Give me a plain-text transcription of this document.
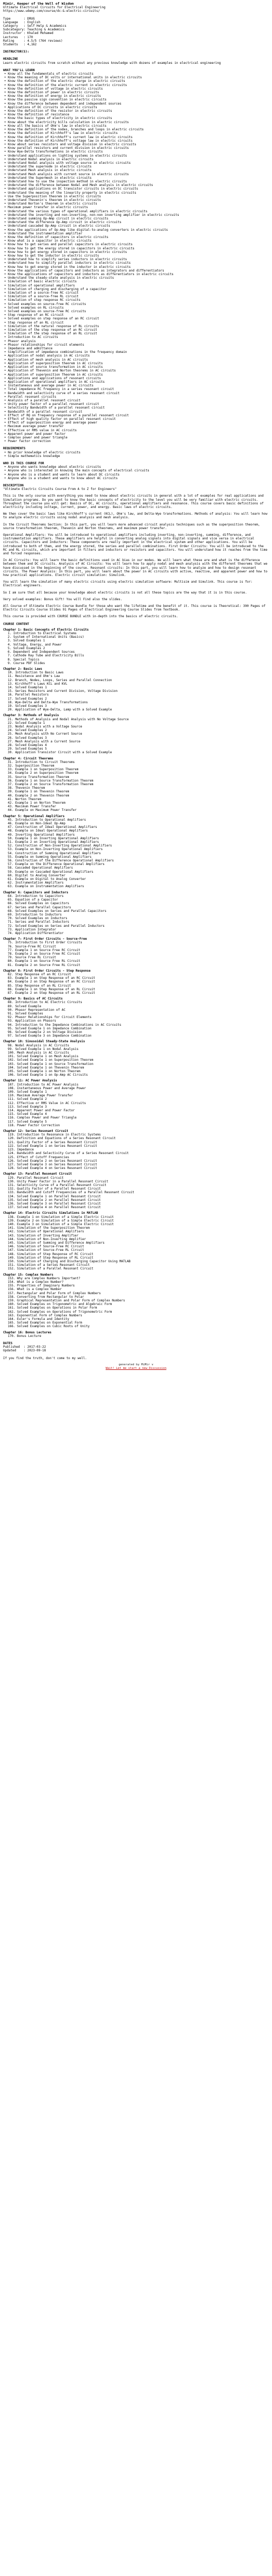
Mimir, Keeper of the Well of Wisdom
Ultimate Electrical Circuits for Electrical Engineering
https://www.udemy.com/course/dc-&-electric-circuits/
Type       : DRUG
Language   : English
Category   : Self Help & Academics
Subcategory: Teaching & Academics
Instructor : Khaled Mohamed
Lectures   : 170
Rating     : 4.5/5 (764 reviews)
Students   : 4,162
INSTRUCTOR(S):
HEADLINE
Learn electric circuits from scratch without any previous knowledge with dozens of examples in electrical engineering
WHAT YOU'LL LEARN
• Know all the fundamentals of electric circuits
• Know the meaning of DC volts or international units in electric circuits
• Know the definition of the electric charge in electric circuits
• Know the definition of the electric current in electric circuits
• Know the definition of voltage in electric circuits
• Know the definition of power in electric circuits
• Know the definition of energy in electric circuits
• Know the passive sign convention in electric circuits
• Know the difference between dependent and independent sources
• Applications of DC circuits in electric circuits
• Know the definition of the resistor in electric circuits
• Know the definition of resistance
• Know the basic types of electricity in electric circuits
• Know about the electricity bills calculation in electric circuits
• Know all the basics of Ohm's law in electric circuits
• Know the definition of the nodes, branches and loops in electric circuits
• Know the definition of Kirchhoff's law in electric circuits
• Know the definition of Kirchhoff's current law in electric circuits
• Know the definition of Kirchhoff's voltage law in electric circuits
• Know about series resistors and voltage division in electric circuits
• Know parallel resistors and current division in electric circuits
• Know Wye-Delta transformations in electric circuits
• Understand applications on lighting systems in electric circuits
• Understand Nodal analysis in electric circuits
• Understand Nodal analysis with voltage source in electric circuits
• Understand the supernode in electric circuits
• Understand Mesh analysis in electric circuits
• Understand Mesh analysis with current source in electric circuits
• Understand the Supermesh in electric circuits
• Understand how to use the inspection method in electric circuits
• Understand the difference between Nodal and Mesh analysis in electric circuits
• Understand applications on DC transistor circuits in electric circuits
• Understand the meaning of the linearity property in electric circuits
• Use the Superposition theorem in electric circuits
• Understand Thevenin's theorem in electric circuits
• Understand Norton's theorem in electric circuits
• Maximum power transfer in electric circuits
• Understand the various types of operational amplifiers in electric circuits
• Understand the inverting and non-inverting, non-non inverting amplifier in electric circuits
• Understand summing Op-Amp circuit in electric circuits
• Understand the difference Op-Amp circuit in electric circuits
• Understand cascaded Op-Amp circuit in electric circuits
• Know the applications of Op-Amp like digital-to-analog converters in electric circuits
• Understand the instrumentation amplifier
• Know the definition of capacitors in electric circuits
• Know what is a capacitor in electric circuits
• Know how to get series and parallel capacitors in electric circuits
• Know how to get the energy stored in capacitors in electric circuits
• Know how to get energy stored in capacitors in electric circuits
• Know how to get the inductor in electric circuits
• Understand how to simplify series inductors in electric circuits
• Understand how to simplify parallel inductors in electric circuits
• Know how to get energy stored in the inductor in electric circuits
• Know the applications of capacitors and inductors as integrators and differentiators
• Know the applications of capacitors and inductors as differentiators in electric circuits
• Understand the steady-state analysis in electric circuits
• Simulation of basic electric circuits
• Simulation of operational amplifiers
• Simulation of charging and discharging of a capacitor
• Simulation of a source-free RC circuit
• Simulation of a source-free RL circuit
• Simulation of step response RC circuits
• Solved examples on source-free RC circuits
• Solved examples on RL circuits
• Solved examples on source-free RC circuits
• Step response of an RC circuit
• Solved examples on step response of an RC circuit
• Step response of an RL circuit
• Simulation of the natural response of RL circuits
• Simulation of the step response of an RC circuit
• Simulation of the step response of an RL circuit
• Introduction to AC circuits
• Phasor analysis
• Phasor relationships for circuit elements
• Impedance and admittance
• Simplification of impedance combinations in the frequency domain
• Application of nodal analysis in AC circuits
• Application of mesh analysis in AC circuits
• Application of superposition theorem in AC circuits
• Application of source transformation in AC circuits
• Application of Thevenin and Norton theorems in AC circuits
• Application of superposition Theorem in AC circuits
• Applications and applications of resonant circuits
• Application of operational amplifiers in AC circuits
• Instantaneous and average power in AC circuits
• Total impedance RC frequency in a series resonant circuit
• Bandwidth and selectivity curve of a series resonant circuit
• Parallel resonant circuits
• Analysis of a parallel resonant circuit
• Unity power factor of a parallel resonant circuit
• Selectivity Bandwidth of a parallel resonant circuit
• Bandwidth of a parallel resonant circuit
• Effect of RQ on frequency response of a parallel resonant circuit
• Effect of high quality factor on parallel resonant circuit
• Effect of superposition energy and average power
• Maximum average power transfer
• Effective or RMS value in AC circuits
• Apparent power and power factor
• Complex power and power triangle
• Power factor correction
REQUIREMENTS
• No prior knowledge of electric circuits
• Simple mathematics knowledge
WHO IS THIS COURSE FOR
• Anyone who wants knowledge about electric circuits
• Anyone who is interested in knowing the main concepts of electrical circuits
• Anyone who is a student and wants to learn about DC circuits
• Anyone who is a student and wants to know about AC circuits
DESCRIPTION
"Ultimate Electric Circuits Course From A to Z for Engineers"
This is the only course with everything you need to know about electric circuits in general with a lot of examples for real applications and Simulation programs. Do you want to know the basic concepts of electricity to the level you will be very familiar with electric circuits. Throughout the course you will get: Basics of DC, AC circuits, operational amplifiers and resonance. This course covers basic definitions of electricity including voltage, current, power, and energy. Basic laws of electric circuits.
We then cover the basic laws like Kirchhoff's current (KCL), Ohm's law, and Delta-Wye transformations. Methods of analysis: You will learn how to analyze electric circuits using nodal analysis and mesh analysis.
In the Circuit Theorems Section: In this part, you will learn more advanced circuit analysis techniques such as the superposition theorem, source transformation theorem, Thevenin and Norton theorems, and maximum power transfer.
Operational Amplifiers: You will be introduced to operational amplifiers including inverting, non-inverting, summing, difference, and instrumentation amplifiers. These amplifiers are helpful in converting analog signals into digital signals and vice versa in electrical circuits. Capacitors and Inductors: These components are really important in the electrical system and other applications. You will be introduced to both of them, and the energy stored, the series and parallel combinations. First Order Circuits: You will be introduced to the RC and RL circuits, which are important in filters and inductors or resistors and capacitors. You will understand how it reaches from the time and forced responses.
In AC Circuits: You will learn the basic definitions used in AC bias in our modes. We will learn what these are and what is the difference between them and DC circuits. Analysis of AC Circuits: You will learn how to apply nodal and mesh analysis with the different theorems that we have discussed in the beginning of the course. Resonant circuits: In this part, you will learn how to analyze and how to design resonant circuits. The Power Analysis: In this part, you will learn about the power in AC circuits with active, reactive, and apparent power and how to how practical applications. Electric circuit simulation: Simulink.
You will learn the simulation of many electric circuits using electric simulation software: Multisim and Simulink. This course is for: Electrical engineers.
So I am sure that all because your knowledge about electric circuits is not all these topics are the way that it is in this course.
Very solved examples: Bonus Gift! You will Find also the slides.
All Course of Ultimate Electric Course Bundle for those who want the lifetime and the benefit of it. This course is Theoretical: 390 Pages of Electric Circuits Course Slides 91 Pages of Electrical Engineering Course Slides from Textbook.
This course is provided with COURSE BUNDLE with in-depth into the basics of electric circuits.
COURSE CONTENT
Chapter 1: Basic Concepts of Electric Circuits
1. Introduction to Electrical Systems
2. System of International Units (Basics)
3. Solved Examples 1
4. Voltage, Energy, and Power
5. Solved Examples 2
6. Dependent and Independent Sources
7. Cathode Ray Tube and Electricity Bills
8. Special Topics
9. Course PDF Slides
Chapter 2: Basic Laws
10. Introduction to Basic Laws
11. Resistance and Ohm's Law
12. Branch, Nodes, Loops, Series and Parallel Connection
13. Kirchhoff's Laws KCL and KVL
14. Solved Examples 1
15. Series Resistors and Current Division, Voltage Division
16. Parallel Resistors
17. Solved Examples 2
18. Wye-Delta and Delta-Wye Transformations
19. Solved Examples 3
20. Application of Wye-Delta, Lamp with a Solved Example
Chapter 3: Methods of Analysis
21. Methods of Analysis and Nodal Analysis with No Voltage Source
22. Solved Example 1
23. Nodal Analysis with a Voltage Source
24. Solved Examples 2
25. Mesh Analysis with No Current Source
26. Solved Examples 3
27. Mesh Analysis with a Current Source
28. Solved Examples 4
29. Solved Examples 5
30. Application Transistor Circuit with a Solved Example
Chapter 4: Circuit Theorems
31. Introduction to Circuit Theorems
32. Superposition Theorem
33. Example 1 on Superposition Theorem
34. Example 2 on Superposition Theorem
35. Source Transformation Theorem
36. Example 1 on Source Transformation Theorem
37. Example 2 on Source Transformation Theorem
38. Thevenin Theorem
39. Example 1 on Thevenin Theorem
40. Example 2 on Thevenin Theorem
41. Norton Theorem
42. Example 1 on Norton Theorem
43. Maximum Power Transfer
44. Example on Maximum Power Transfer
Chapter 5: Operational Amplifiers
45. Introduction to Operational Amplifiers
46. Example on Non-Ideal Op-Amp
47. Construction of Ideal Operational Amplifiers
48. Example on Ideal Operational Amplifiers
49. Inverting Operational Amplifiers
50. Example 1 on Inverting Operational Amplifiers
51. Example 2 on Inverting Operational Amplifiers
52. Construction of Non-Inverting Operational Amplifiers
53. Example on Non-Inverting Operational Amplifiers
54. Construction of Summing Operational Amplifiers
55. Example on Summing Operational Amplifiers
56. Construction of the Difference Operational Amplifiers
57. Example on the Difference Operational Amplifiers
58. Cascaded Operational Amplifiers
59. Example on Cascaded Operational Amplifiers
60. Digital to Analog Converter
61. Example on Digital to Analog Converter
62. Instrumentation Amplifiers
63. Example on Instrumentation Amplifiers
Chapter 6: Capacitors and Inductors
64. Introduction to Capacitors
65. Equation of a Capacitor
66. Solved Examples on Capacitors
67. Series and Parallel Capacitors
68. Solved Examples on Series and Parallel Capacitors
69. Introduction to Inductors
70. Solved Examples on Inductors
71. Series and Parallel Inductors
72. Solved Examples on Series and Parallel Inductors
73. Application Integrator
74. Application Differentiator
Chapter 7: First Order Circuits - Source-Free
75. Introduction to First Order Circuits
76. Source-Free RC Circuit
77. Example 1 on Source Free RC Circuit
78. Example 2 on Source Free RC Circuit
79. Source Free RL Circuit
80. Example 1 on Source Free RL Circuit
81. Example 2 on Source Free RL Circuit
Chapter 8: First Order Circuits - Step Response
82. Step Response of an RC Circuit
83. Example 1 on Step Response of an RC Circuit
84. Example 2 on Step Response of an RC Circuit
85. Step Response of an RL Circuit
86. Example 1 on Step Response of an RL Circuit
87. Example 2 on Step Response of an RL Circuit
Chapter 9: Basics of AC Circuits
88. Introduction to AC Electric Circuits
89. Solved Example
90. Phasor Representation of AC
91. Solved Examples
92. Phasor Relationships for Circuit Elements
93. Application on Phasors
94. Introduction to the Impedance Combinations in AC Circuits
95. Solved Example 1 on Impedance Combination
96. Solved Example 2 on Voltage Division
97. Solved Example 3 on Impedance Combination
Chapter 10: Sinusoidal Steady-State Analysis
98. Nodal Analysis in AC Circuits
99. Solved Example 1 on Nodal Analysis
100. Mesh Analysis in AC Circuits
101. Solved Example 1 on Mesh Analysis
102. Solved Example 1 on Superposition Theorem
103. Solved Example 1 on Source Transformation
104. Solved Example 1 on Thevenin Theorem
105. Solved Example 1 on Norton Theorem
106. Solved Example 1 on Op-Amp AC Circuits
Chapter 11: AC Power Analysis
107. Introduction to AC Power Analysis
108. Instantaneous Power and Average Power
109. Solved Example 1
110. Maximum Average Power Transfer
111. Solved Example 2
112. Effective or RMS Value in AC Circuits
113. Solved Example 3
114. Apparent Power and Power Factor
115. Solved Example 4
116. Complex Power and Power Triangle
117. Solved Example 5
118. Power Factor Correction
Chapter 12: Series Resonant Circuit
119. Introduction to Resonance in Electric Systems
120. Definition and Equations of a Series Resonant Circuit
121. Quality Factor of a Series Resonant Circuit
122. Solved Example 1 on Series Resonant Circuit
123. Impedance
124. Bandwidth and Selectivity Curve of a Series Resonant Circuit
125. Effect of Cutoff Frequencies
126. Solved Example 2 on Series Resonant Circuit
127. Solved Example 3 on Series Resonant Circuit
128. Solved Example 4 on Series Resonant Circuit
Chapter 13: Parallel Resonant Circuit
129. Parallel Resonant Circuit
130. Unity Power Factor in a Parallel Resonant Circuit
131. Selectivity Curve of a Parallel Resonant Circuit
132. Quality Factor of a Parallel Resonant Circuit
133. Bandwidth and Cutoff Frequencies of a Parallel Resonant Circuit
134. Solved Example 1 on Parallel Resonant Circuit
135. Solved Example 2 on Parallel Resonant Circuit
136. Solved Example 3 on Parallel Resonant Circuit
137. Solved Example 4 on Parallel Resonant Circuit
Chapter 14: Electric Circuits Simulations in MATLAB
138. Example 1 on Simulation of a Simple Electric Circuit
139. Example 2 on Simulation of a Simple Electric Circuit
140. Example 3 on Simulation of a Simple Electric Circuit
141. Simulation of the Superposition Theorem
142. Simulation of Operational Amplifiers
143. Simulation of Inverting Amplifier
144. Simulation of Non-Inverting Amplifier
145. Simulation of Summing and Difference Amplifiers
146. Simulation of Source-Free RC Circuit
147. Simulation of Source-Free RL Circuit
148. Simulation of Step Response of RC Circuit
149. Simulation of Step Response of RL Circuit
150. Simulation of Charging and Discharging Capacitor Using MATLAB
151. Simulation of a Series Resonant Circuit
152. Simulation of a Parallel Resonant Circuit
Chapter 15: Complex Numbers
153. Why are Complex Numbers Important?
154. What is a Complex Number?
155. Properties of Imaginary Numbers
156. What is a Complex Number
157. Rectangular and Polar Form of Complex Numbers
158. Converting from Rectangular to Polar
159. Graphical Representation and Polar Form of Complex Numbers
160. Solved Examples on Trigonometric and Algebraic Form
161. Solved Examples on Operations in Polar Form
162. Solved Examples on Operations of Trigonometric Form
163. Exponential Form of Complex Numbers
164. Euler's Formula and Identity
165. Solved Examples on Exponential Form
166. Solved Examples on Cubic Roots of Unity
Chapter 16: Bonus Lectures
170. Bonus Lecture
DATES
Published  : 2017-03-22
Updated    : 2023-09-18
If you find the truth, don't come to my well.
generated by MiMir v
Wait! Let me start a new Discussion
